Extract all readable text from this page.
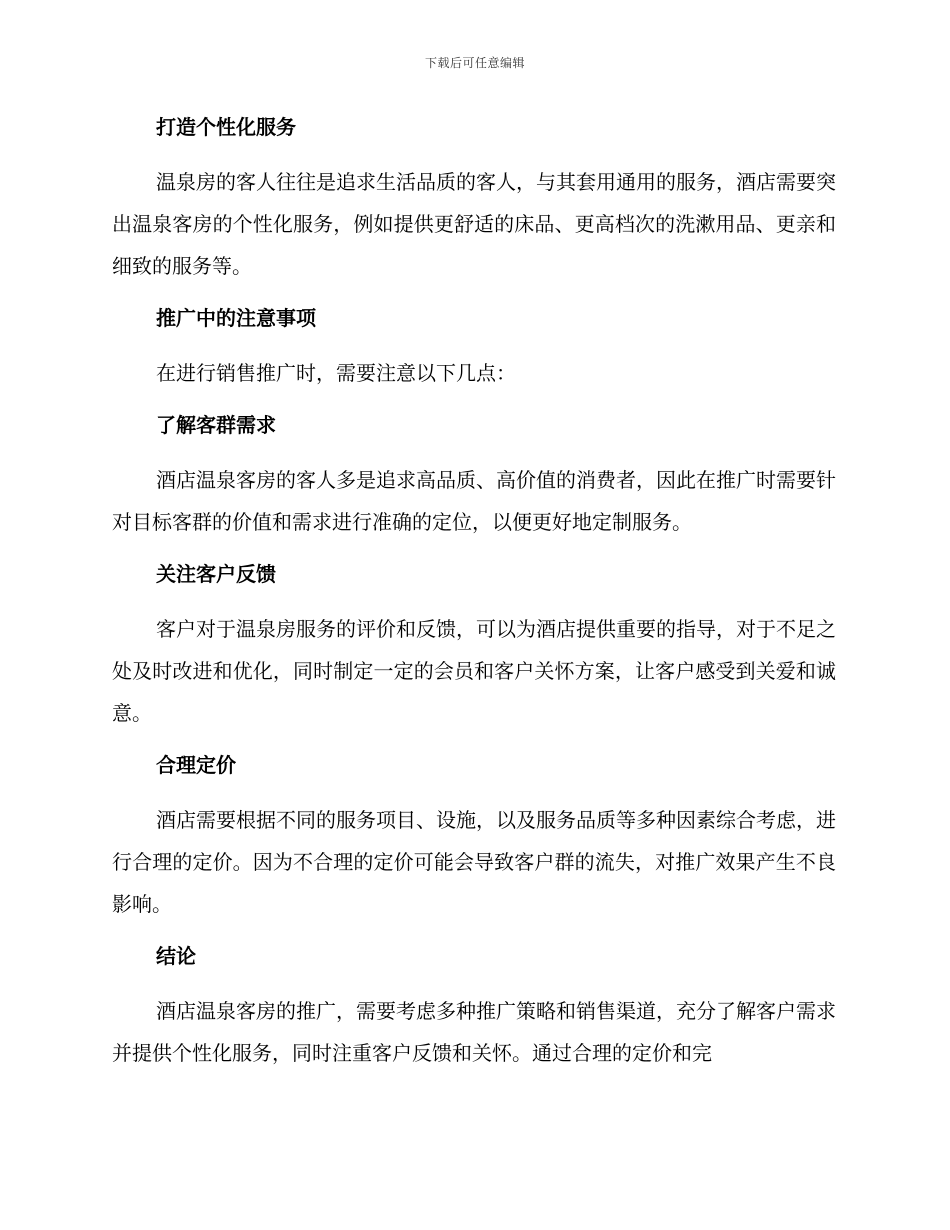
下载后可任意编辑
打造个性化服务

温泉房的客人往往是追求生活品质的客人，与其套用通用的服务，酒店需要突出温泉客房的个性化服务，例如提供更舒适的床品、更高档次的洗漱用品、更亲和细致的服务等。

推广中的注意事项

在进行销售推广时，需要注意以下几点：

了解客群需求

酒店温泉客房的客人多是追求高品质、高价值的消费者，因此在推广时需要针对目标客群的价值和需求进行准确的定位，以便更好地定制服务。

关注客户反馈

客户对于温泉房服务的评价和反馈，可以为酒店提供重要的指导，对于不足之处及时改进和优化，同时制定一定的会员和客户关怀方案，让客户感受到关爱和诚意。

合理定价

酒店需要根据不同的服务项目、设施，以及服务品质等多种因素综合考虑，进行合理的定价。因为不合理的定价可能会导致客户群的流失，对推广效果产生不良影响。

结论

酒店温泉客房的推广，需要考虑多种推广策略和销售渠道，充分了解客户需求并提供个性化服务，同时注重客户反馈和关怀。通过合理的定价和完
